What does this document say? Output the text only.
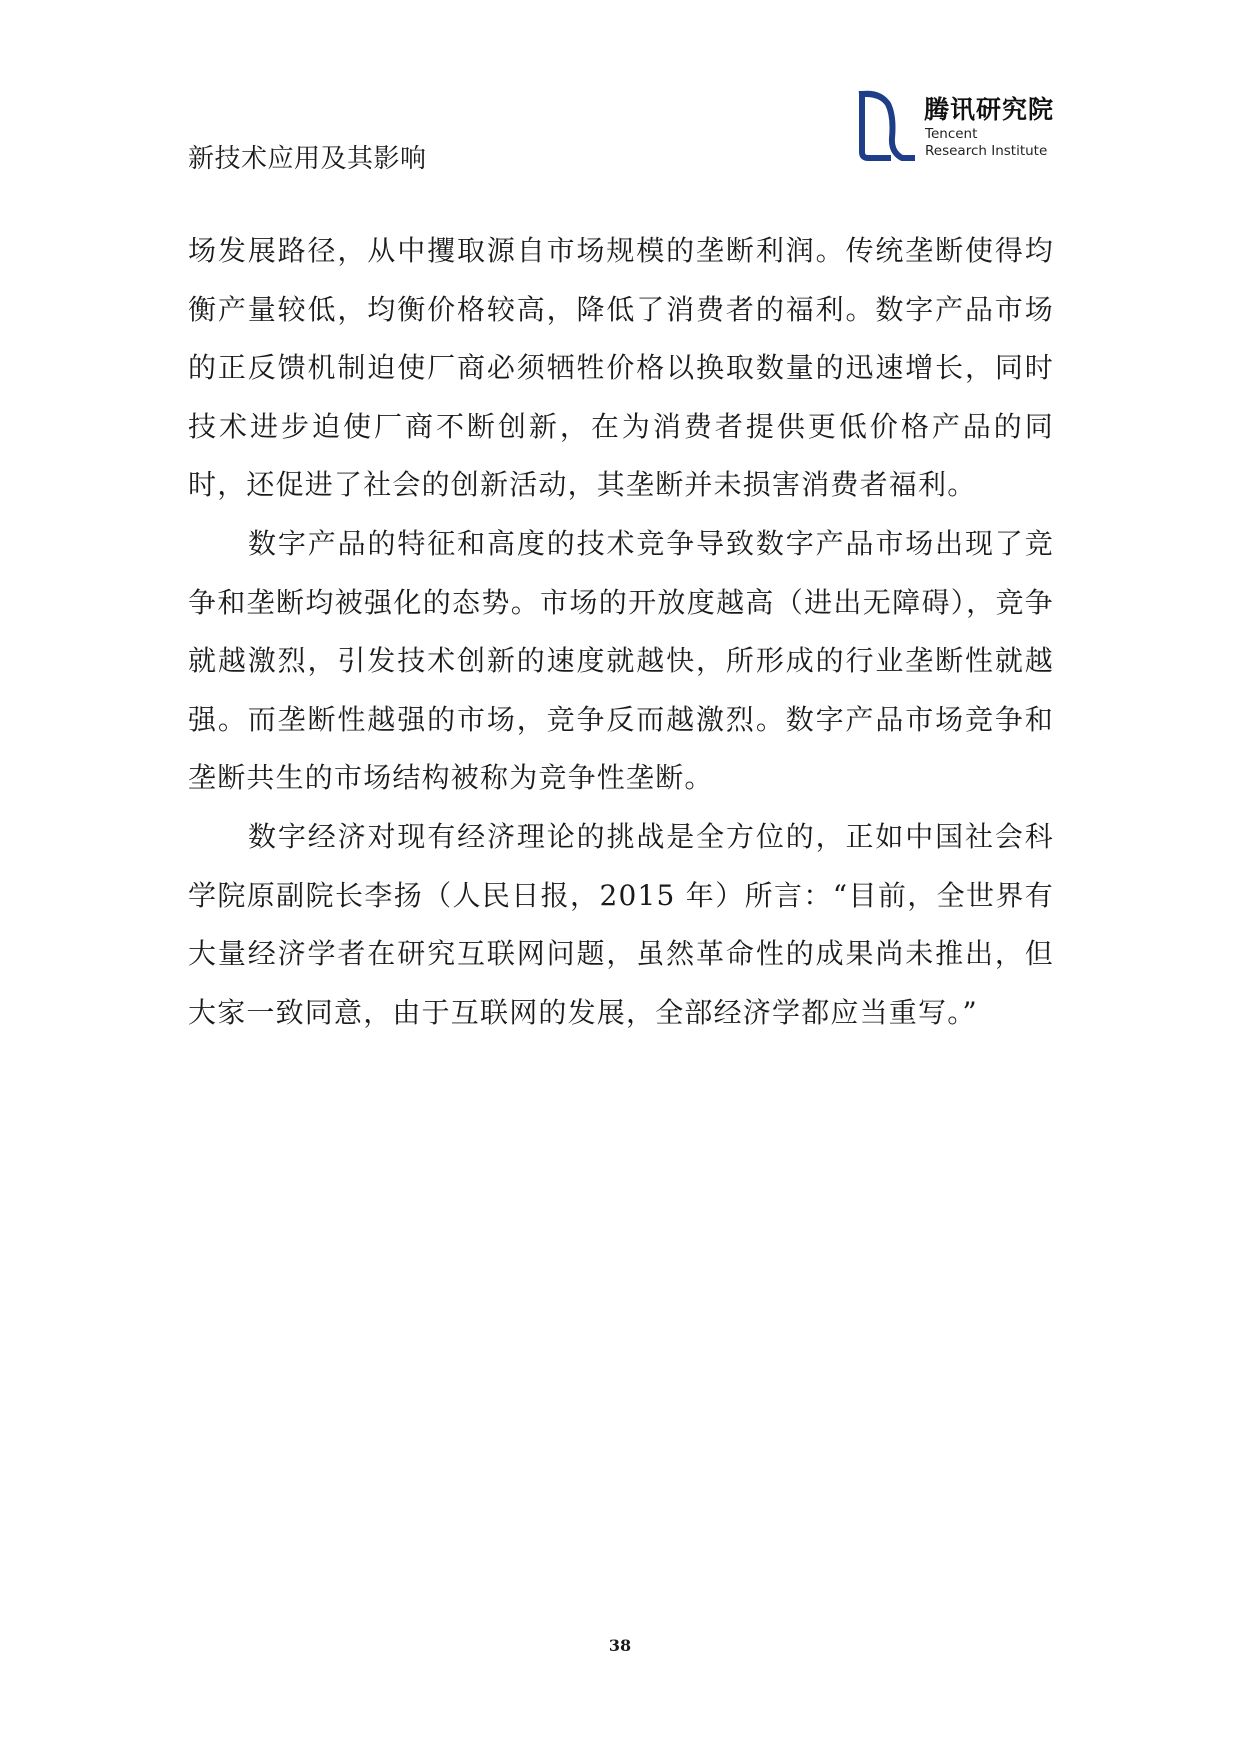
新技术应用及其影响
腾讯研究院
Tencent
Research Institute

场发展路径，从中攫取源自市场规模的垄断利润。传统垄断使得均衡产量较低，均衡价格较高，降低了消费者的福利。数字产品市场的正反馈机制迫使厂商必须牺牲价格以换取数量的迅速增长，同时技术进步迫使厂商不断创新，在为消费者提供更低价格产品的同时，还促进了社会的创新活动，其垄断并未损害消费者福利。

数字产品的特征和高度的技术竞争导致数字产品市场出现了竞争和垄断均被强化的态势。市场的开放度越高（进出无障碍），竞争就越激烈，引发技术创新的速度就越快，所形成的行业垄断性就越强。而垄断性越强的市场，竞争反而越激烈。数字产品市场竞争和垄断共生的市场结构被称为竞争性垄断。

数字经济对现有经济理论的挑战是全方位的，正如中国社会科学院原副院长李扬（人民日报，2015 年）所言：“目前，全世界有大量经济学者在研究互联网问题，虽然革命性的成果尚未推出，但大家一致同意，由于互联网的发展，全部经济学都应当重写。”

38
